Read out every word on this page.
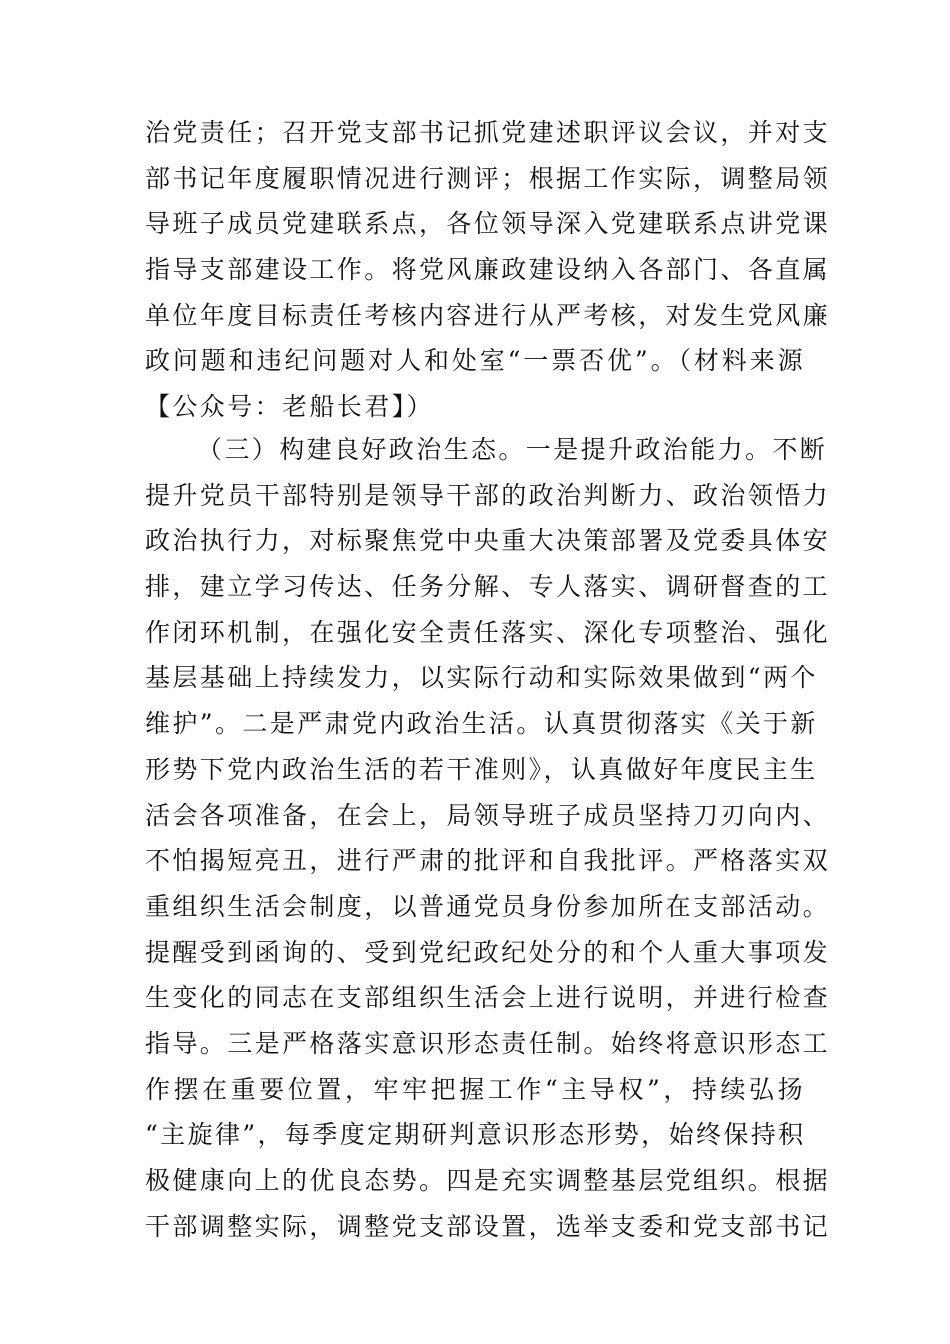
治党责任；召开党支部书记抓党建述职评议会议，并对支
部书记年度履职情况进行测评；根据工作实际，调整局领
导班子成员党建联系点，各位领导深入党建联系点讲党课
指导支部建设工作。将党风廉政建设纳入各部门、各直属
单位年度目标责任考核内容进行从严考核，对发生党风廉
政问题和违纪问题对人和处室“一票否优”。（材料来源
【公众号：老船长君】）
（三）构建良好政治生态。一是提升政治能力。不断
提升党员干部特别是领导干部的政治判断力、政治领悟力
政治执行力，对标聚焦党中央重大决策部署及党委具体安
排，建立学习传达、任务分解、专人落实、调研督查的工
作闭环机制，在强化安全责任落实、深化专项整治、强化
基层基础上持续发力，以实际行动和实际效果做到“两个
维护”。二是严肃党内政治生活。认真贯彻落实《关于新
形势下党内政治生活的若干准则》，认真做好年度民主生
活会各项准备，在会上，局领导班子成员坚持刀刃向内、
不怕揭短亮丑，进行严肃的批评和自我批评。严格落实双
重组织生活会制度，以普通党员身份参加所在支部活动。
提醒受到函询的、受到党纪政纪处分的和个人重大事项发
生变化的同志在支部组织生活会上进行说明，并进行检查
指导。三是严格落实意识形态责任制。始终将意识形态工
作摆在重要位置，牢牢把握工作“主导权”，持续弘扬
“主旋律”，每季度定期研判意识形态形势，始终保持积
极健康向上的优良态势。四是充实调整基层党组织。根据
干部调整实际，调整党支部设置，选举支委和党支部书记
